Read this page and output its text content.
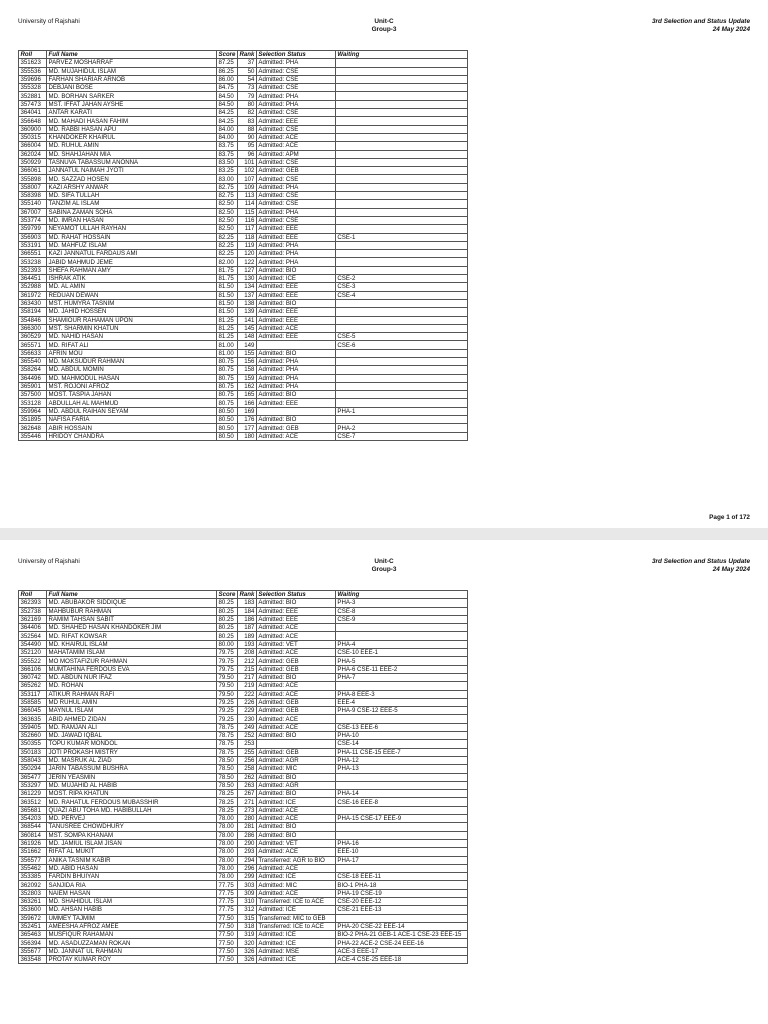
University of Rajshahi	Unit-C
Group-3
3rd Selection and Status Update
24 May 2024
Roll	Full Name	Score	Rank	Selection Status	Waiting
351623	PARVEZ MOSHARRAF	87.25	37	Admitted: PHA	
355536	MD. MUJAHIDUL ISLAM	86.25	50	Admitted: CSE	
359696	FARHAN SHARIAR ARNOB	86.00	54	Admitted: CSE	
355328	DEBJANI BOSE	84.75	73	Admitted: CSE	
352881	MD. BORHAN SARKER	84.50	79	Admitted: PHA	
357473	MST. IFFAT JAHAN AYSHE	84.50	80	Admitted: PHA	
364041	ANTAR KARATI	84.25	82	Admitted: CSE	
356648	MD. MAHADI HASAN FAHIM	84.25	83	Admitted: EEE	
360900	MD. RABBI HASAN APU	84.00	88	Admitted: CSE	
350315	KHANDOKER KHAIRUL	84.00	90	Admitted: ACE	
366004	MD. RUHUL AMIN	83.75	95	Admitted: ACE	
362024	MD. SHAHJAHAN MIA	83.75	96	Admitted: APM	
350929	TASNUVA TABASSUM ANONNA	83.50	101	Admitted: CSE	
366061	JANNATUL NAIMAH JYOTI	83.25	102	Admitted: GEB	
355898	MD. SAZZAD HOSEN	83.00	107	Admitted: CSE	
358007	KAZI ARSHY ANWAR	82.75	109	Admitted: PHA	
358398	MD. SIFA TULLAH	82.75	113	Admitted: CSE	
355140	TANZIM AL ISLAM	82.50	114	Admitted: CSE	
367007	SABINA ZAMAN SOHA	82.50	115	Admitted: PHA	
353774	MD. IMRAN HASAN	82.50	116	Admitted: CSE	
359799	NEYAMOT ULLAH RAYHAN	82.50	117	Admitted: EEE	
356903	MD. RAHAT HOSSAIN	82.25	118	Admitted: EEE	CSE-1
353191	MD. MAHFUZ ISLAM	82.25	119	Admitted: PHA	
366551	KAZI JANNATUL FARDAUS AMI	82.25	120	Admitted: PHA	
353238	JABID MAHMUD JEME	82.00	122	Admitted: PHA	
352393	SHEFA RAHMAN AMY	81.75	127	Admitted: BIO	
364451	ISHRAK ATIK	81.75	130	Admitted: ICE	CSE-2
352988	MD. AL AMIN	81.50	134	Admitted: EEE	CSE-3
361972	REDUAN DEWAN	81.50	137	Admitted: EEE	CSE-4
363430	MST. HUMYRA TASNIM	81.50	138	Admitted: BIO	
358194	MD. JAHID HOSSEN	81.50	139	Admitted: EEE	
354846	SHAMIOUR RAHAMAN UPON	81.25	141	Admitted: EEE	
366300	MST. SHARMIN KHATUN	81.25	145	Admitted: ACE	
360529	MD. NAHID HASAN	81.25	148	Admitted: EEE	CSE-5
365571	MD. RIFAT ALI	81.00	149		CSE-6
356633	AFRIN MOU	81.00	155	Admitted: BIO	
365540	MD. MAKSUDUR RAHMAN	80.75	156	Admitted: PHA	
358264	MD. ABDUL MOMIN	80.75	158	Admitted: PHA	
364496	MD. MAHMODUL HASAN	80.75	159	Admitted: PHA	
365901	MST. ROJONI AFROZ	80.75	162	Admitted: PHA	
357500	MOST. TASPIA JAHAN	80.75	165	Admitted: BIO	
353128	ABDULLAH AL MAHMUD	80.75	166	Admitted: EEE	
359964	MD. ABDUL RAIHAN SEYAM	80.50	169		PHA-1
351895	NAFISA FARIA	80.50	176	Admitted: BIO	
362648	ABIR HOSSAIN	80.50	177	Admitted: GEB	PHA-2
355446	HRIDOY CHANDRA	80.50	180	Admitted: ACE	CSE-7
Page 1 of 172
University of Rajshahi	Unit-C
Group-3
3rd Selection and Status Update
24 May 2024
Roll	Full Name	Score	Rank	Selection Status	Waiting
362393	MD. ABUBAKOR SIDDIQUE	80.25	183	Admitted: BIO	PHA-3
352738	MAHBUBUR RAHMAN	80.25	184	Admitted: EEE	CSE-8
362169	RAMIM TAHSAN SABIT	80.25	186	Admitted: EEE	CSE-9
364406	MD. SHAHED HASAN KHANDOKER JIM	80.25	187	Admitted: ACE	
352564	MD. RIFAT KOWSAR	80.25	189	Admitted: ACE	
354490	MD. KHAIRUL ISLAM	80.00	193	Admitted: VET	PHA-4
352120	MAHATAMIM ISLAM	79.75	208	Admitted: ACE	CSE-10 EEE-1
355522	MO MOSTAFIZUR RAHMAN	79.75	212	Admitted: GEB	PHA-5
366106	MUMTAHINA FERDOUS EVA	79.75	215	Admitted: GEB	PHA-6 CSE-11 EEE-2
360742	MD. ABDUN NUR IFAZ	79.50	217	Admitted: BIO	PHA-7
365262	MD. ROHAN	79.50	219	Admitted: ACE	
353117	ATIKUR RAHMAN RAFI	79.50	222	Admitted: ACE	PHA-8 EEE-3
358585	MD RUHUL AMIN	79.25	226	Admitted: GEB	EEE-4
366045	MAYNUL ISLAM	79.25	229	Admitted: GEB	PHA-9 CSE-12 EEE-5
363635	ABID AHMED ZIDAN	79.25	230	Admitted: ACE	
359405	MD. RAMJAN ALI	78.75	249	Admitted: ACE	CSE-13 EEE-6
352660	MD. JAWAD IQBAL	78.75	252	Admitted: BIO	PHA-10
350355	TOPU KUMAR MONDOL	78.75	253		CSE-14
350183	JOTI PROKASH MISTRY	78.75	255	Admitted: GEB	PHA-11 CSE-15 EEE-7
358043	MD. MASRUK AL ZIAD	78.50	256	Admitted: AGR	PHA-12
350294	JARIN TABASSUM BUSHRA	78.50	258	Admitted: MIC	PHA-13
365477	JERIN YEASMIN	78.50	262	Admitted: BIO	
353297	MD. MUJAHID AL HABIB	78.50	263	Admitted: AGR	
361229	MOST. RIPA KHATUN	78.25	267	Admitted: BIO	PHA-14
363512	MD. RAHATUL FERDOUS MUBASSHIR	78.25	271	Admitted: ICE	CSE-16 EEE-8
365681	QUAZI ABU TOHA MD. HABIBULLAH	78.25	273	Admitted: ACE	
354203	MD. PERVEJ	78.00	280	Admitted: ACE	PHA-15 CSE-17 EEE-9
368544	TANUSREE CHOWDHURY	78.00	281	Admitted: BIO	
360814	MST. SOMPA KHANAM	78.00	286	Admitted: BIO	
361926	MD. JAMIUL ISLAM JISAN	78.00	290	Admitted: VET	PHA-16
351662	RIFAT AL MUKIT	78.00	293	Admitted: ACE	EEE-10
356577	ANIKA TASNIM KABIR	78.00	294	Transferred: AGR to BIO	PHA-17
355462	MD. ABID HASAN	78.00	296	Admitted: ACE	
353385	FARDIN BHUIYAN	78.00	299	Admitted: ICE	CSE-18 EEE-11
362092	SANJIDA RIA	77.75	303	Admitted: MIC	BIO-1 PHA-18
352803	NAIEM HASAN	77.75	309	Admitted: ACE	PHA-19 CSE-19
363261	MD. SHAHIDUL ISLAM	77.75	310	Transferred: ICE to ACE	CSE-20 EEE-12
353600	MD. AHSAN HABIB	77.75	312	Admitted: ICE	CSE-21 EEE-13
359672	UMMEY TAJMIM	77.50	315	Transferred: MIC to GEB	
352451	AMEESHA AFROZ AMEE	77.50	318	Transferred: ICE to ACE	PHA-20 CSE-22 EEE-14
365463	MUSFIQUR RAHAMAN	77.50	319	Admitted: ICE	BIO-2 PHA-21 GEB-1 ACE-1 CSE-23 EEE-15
356394	MD. ASADUZZAMAN ROKAN	77.50	320	Admitted: ICE	PHA-22 ACE-2 CSE-24 EEE-16
355677	MD. JANNAT UL RAHMAN	77.50	326	Admitted: MSE	ACE-3 EEE-17
363548	PROTAY KUMAR ROY	77.50	326	Admitted: ICE	ACE-4 CSE-25 EEE-18
